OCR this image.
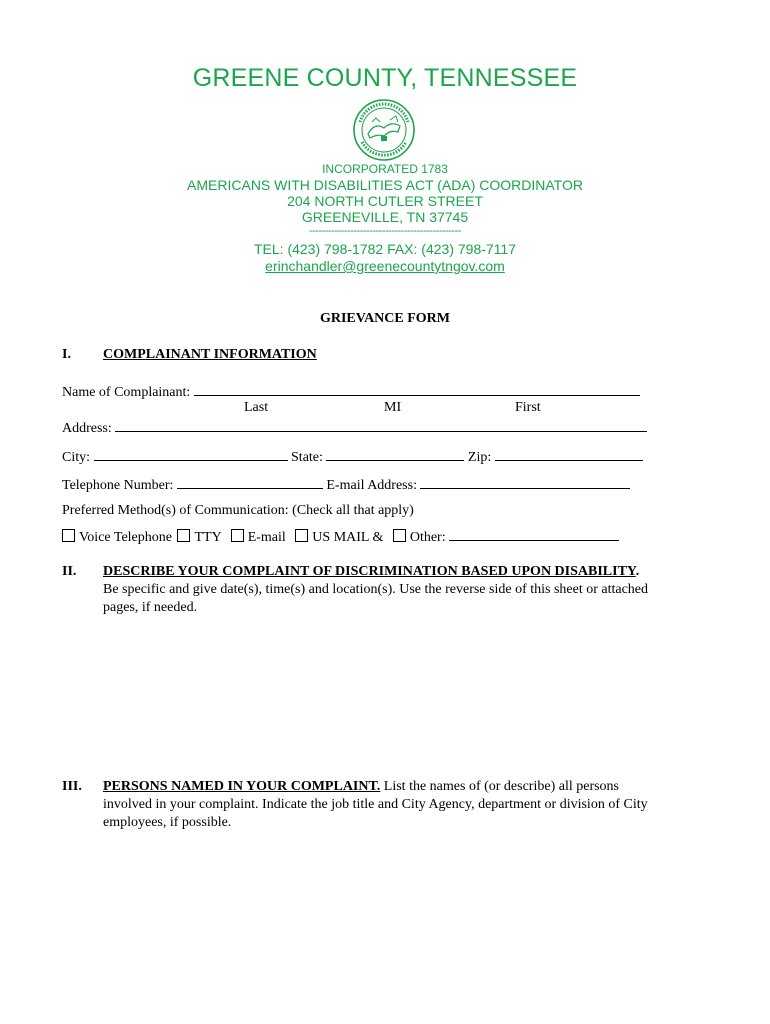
GREENE COUNTY, TENNESSEE
INCORPORATED 1783
AMERICANS WITH DISABILITIES ACT (ADA) COORDINATOR
204 NORTH CUTLER STREET
GREENEVILLE, TN 37745
------------------------------------------------
TEL: (423) 798-1782 FAX: (423) 798-7117
erinchandler@greenecountytngov.com
GRIEVANCE FORM
I. COMPLAINANT INFORMATION
Name of Complainant:
Last	MI	First
Address:
City:	State:	Zip:
Telephone Number:	E-mail Address:
Preferred Method(s) of Communication: (Check all that apply)
Voice Telephone TTY E-mail US MAIL & Other:
II. DESCRIBE YOUR COMPLAINT OF DISCRIMINATION BASED UPON DISABILITY.
Be specific and give date(s), time(s) and location(s). Use the reverse side of this sheet or attached
pages, if needed.
III. PERSONS NAMED IN YOUR COMPLAINT. List the names of (or describe) all persons
involved in your complaint. Indicate the job title and City Agency, department or division of City
employees, if possible.
